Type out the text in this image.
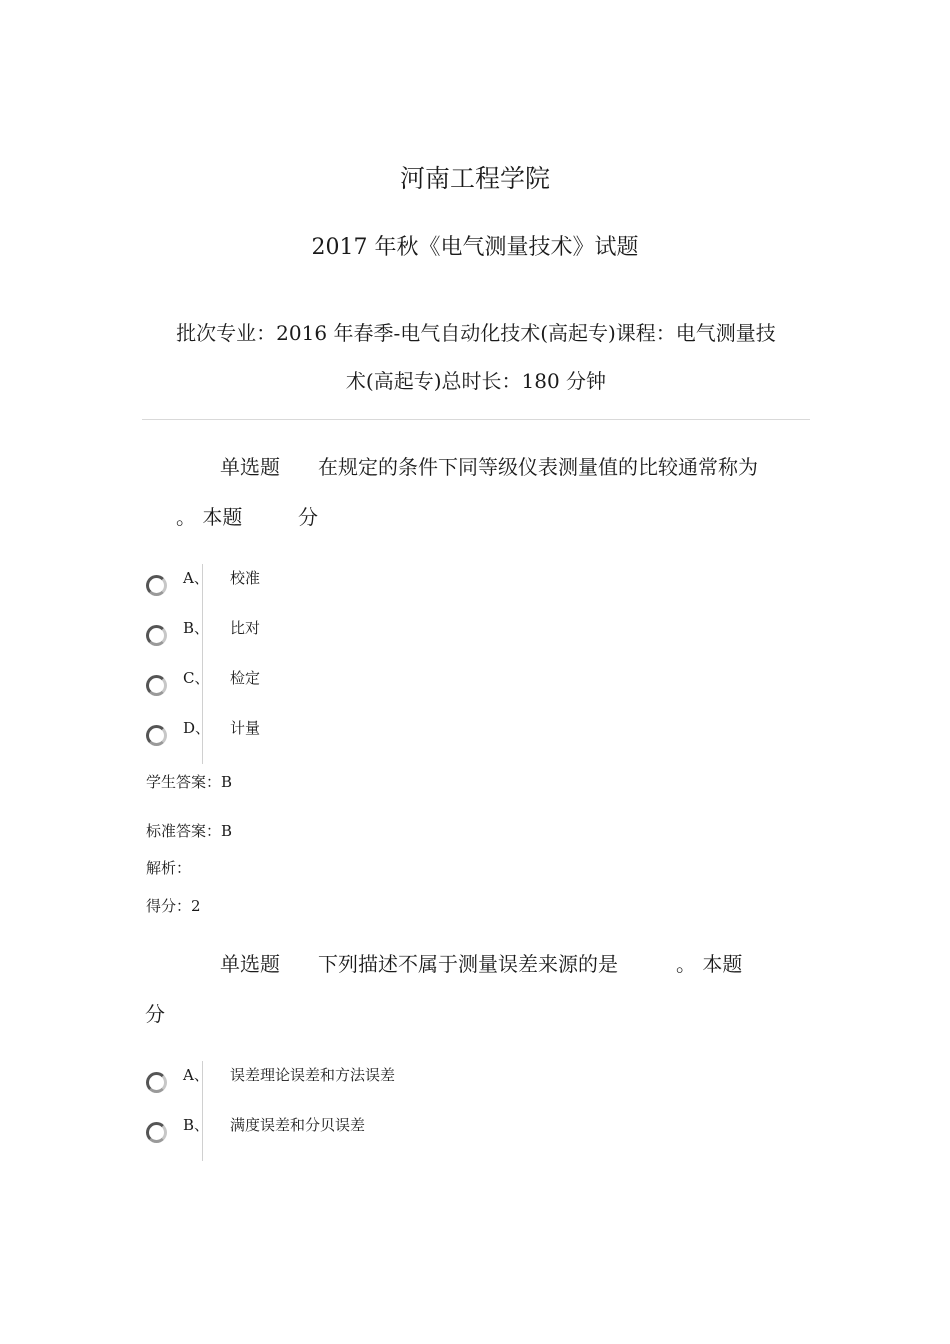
河南工程学院
2017 年秋《电气测量技术》试题
批次专业：2016 年春季-电气自动化技术(高起专)课程：电气测量技
术(高起专)总时长：180 分钟
单选题 在规定的条件下同等级仪表测量值的比较通常称为
。 本题	分
A、 校准
B、 比对
C、 检定
D、 计量
学生答案：B
标准答案：B
解析：
得分：2
单选题 下列描述不属于测量误差来源的是	。 本题
分
A、 误差理论误差和方法误差
B、 满度误差和分贝误差
